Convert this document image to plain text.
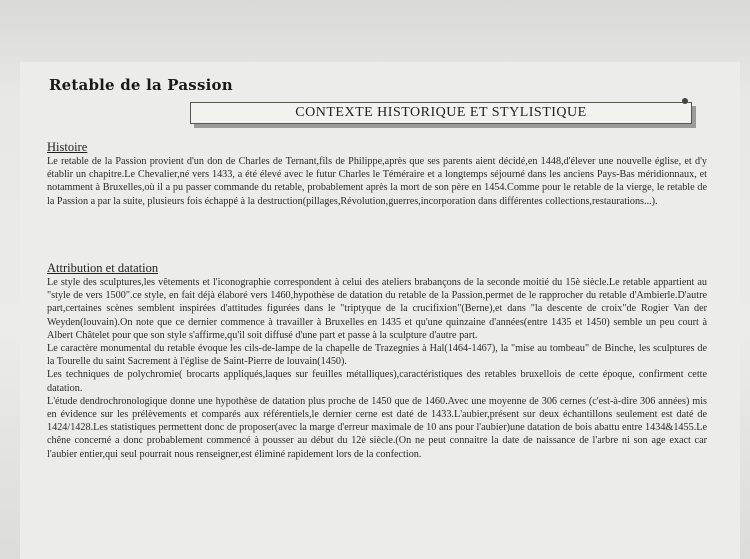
Retable de la Passion
CONTEXTE HISTORIQUE ET STYLISTIQUE
Histoire

Le retable de la Passion provient d'un don de Charles de Ternant,fils de Philippe,après que ses parents aient décidé,en 1448,d'élever une nouvelle église, et d'y établir un chapitre.Le Chevalier,né vers 1433, a été élevé avec le futur Charles le Téméraire et a longtemps séjourné dans les anciens Pays-Bas méridionnaux, et notamment à Bruxelles,où il a pu passer commande du retable, probablement après la mort de son père en 1454.Comme pour le retable de la vierge, le retable de la Passion a par la suite, plusieurs fois échappé à la destruction(pillages,Révolution,guerres,incorporation dans différentes collections,restaurations...).

Attribution et datation

Le style des sculptures,les vêtements et l'iconographie correspondent à celui des ateliers brabançons de la seconde moitié du 15è siècle.Le retable appartient au "style de vers 1500".ce style, en fait déjà élaboré vers 1460,hypothèse de datation du retable de la Passion,permet de le rapprocher du retable d'Ambierle.D'autre part,certaines scènes semblent inspirées d'attitudes figurées dans le "triptyque de la crucifixion"(Berne),et dans "la descente de croix"de Rogier Van der Weyden(louvain).On note que ce dernier commence à travailler à Bruxelles en 1435 et qu'une quinzaine d'années(entre 1435 et 1450) semble un peu court à Albert Châtelet pour que son style s'affirme,qu'il soit diffusé d'une part et passe à la sculpture d'autre part.

Le caractère monumental du retable évoque les cils-de-lampe de la chapelle de Trazegnies à Hal(1464-1467), la "mise au tombeau" de Binche, les sculptures de la Tourelle du saint Sacrement à l'église de Saint-Pierre de louvain(1450).

Les techniques de polychromie( brocarts appliqués,laques sur feuilles métalliques),caractéristiques des retables bruxellois de cette époque, confirment cette datation.

L'étude dendrochronologique donne une hypothèse de datation plus proche de 1450 que de 1460.Avec une moyenne de 306 cernes (c'est-à-dire 306 années) mis en évidence sur les prélèvements et comparés aux référentiels,le dernier cerne est daté de 1433.L'aubier,présent sur deux échantillons seulement est daté de 1424/1428.Les statistiques permettent donc de proposer(avec la marge d'erreur maximale de 10 ans pour l'aubier)une datation de bois abattu entre 1434&1455.Le chêne concerné a donc probablement commencé à pousser au début du 12è siècle.(On ne peut connaitre la date de naissance de l'arbre ni son age exact car l'aubier entier,qui seul pourrait nous renseigner,est éliminé rapidement lors de la confection.
